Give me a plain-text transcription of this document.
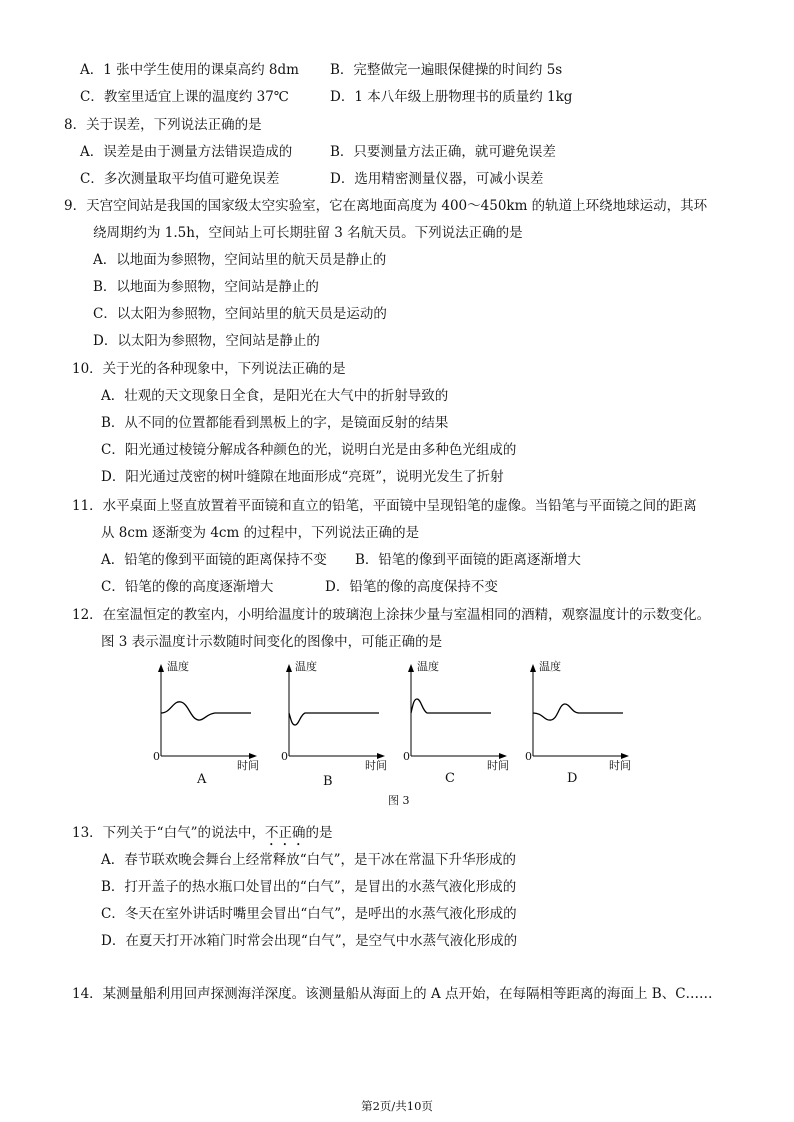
A．1 张中学生使用的课桌高约 8dm B．完整做完一遍眼保健操的时间约 5s
C．教室里适宜上课的温度约 37℃	D．1 本八年级上册物理书的质量约 1kg
8．关于误差，下列说法正确的是
A．误差是由于测量方法错误造成的	B．只要测量方法正确，就可避免误差
C．多次测量取平均值可避免误差	D．选用精密测量仪器，可减小误差
9．天宫空间站是我国的国家级太空实验室，它在离地面高度为 400～450km 的轨道上环绕地球运动，其环
绕周期约为 1.5h，空间站上可长期驻留 3 名航天员。下列说法正确的是
A．以地面为参照物，空间站里的航天员是静止的
B．以地面为参照物，空间站是静止的
C．以太阳为参照物，空间站里的航天员是运动的
D．以太阳为参照物，空间站是静止的
10．关于光的各种现象中，下列说法正确的是
A．壮观的天文现象日全食，是阳光在大气中的折射导致的
B．从不同的位置都能看到黑板上的字，是镜面反射的结果
C．阳光通过棱镜分解成各种颜色的光，说明白光是由多种色光组成的
D．阳光通过茂密的树叶缝隙在地面形成“亮斑”，说明光发生了折射
11．水平桌面上竖直放置着平面镜和直立的铅笔，平面镜中呈现铅笔的虚像。当铅笔与平面镜之间的距离
从 8cm 逐渐变为 4cm 的过程中，下列说法正确的是
A．铅笔的像到平面镜的距离保持不变 B．铅笔的像到平面镜的距离逐渐增大
C．铅笔的像的高度逐渐增大	D．铅笔的像的高度保持不变
12．在室温恒定的教室内，小明给温度计的玻璃泡上涂抹少量与室温相同的酒精，观察温度计的示数变化。
图 3 表示温度计示数随时间变化的图像中，可能正确的是
温度
0
时间
A
温度
0
时间
B
温度
0
时间
C
温度
0
时间
D
图 3
13．下列关于“白气”的说法中，不正确的是
A．春节联欢晚会舞台上经常释放“白气”，是干冰在常温下升华形成的
B．打开盖子的热水瓶口处冒出的“白气”，是冒出的水蒸气液化形成的
C．冬天在室外讲话时嘴里会冒出“白气”，是呼出的水蒸气液化形成的
D．在夏天打开冰箱门时常会出现“白气”，是空气中水蒸气液化形成的
14．某测量船利用回声探测海洋深度。该测量船从海面上的 A 点开始，在每隔相等距离的海面上 B、C……
第2页/共10页
